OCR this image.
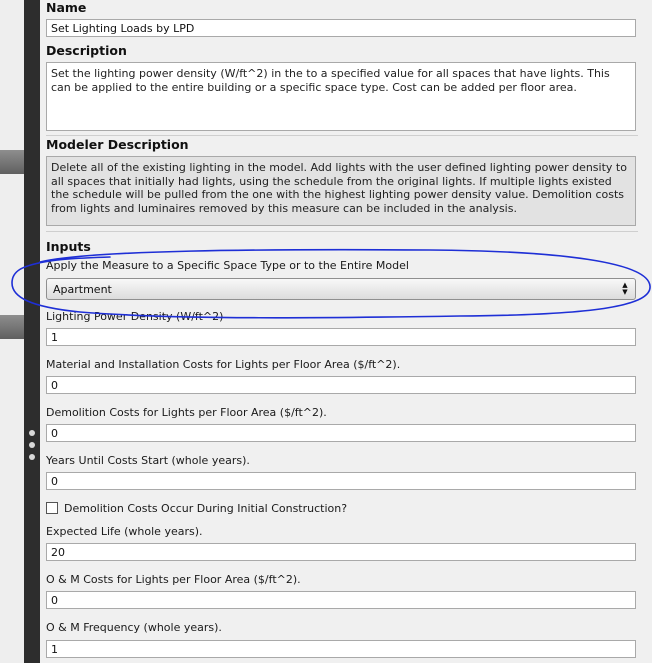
Name
Set Lighting Loads by LPD
Description
Set the lighting power density (W/ft^2) in the to a specified value for all spaces that have lights. This can be applied to the entire building or a specific space type. Cost can be added per floor area.
Modeler Description
Delete all of the existing lighting in the model. Add lights with the user defined lighting power density to all spaces that initially had lights, using the schedule from the original lights. If multiple lights existed the schedule will be pulled from the one with the highest lighting power density value. Demolition costs from lights and luminaires removed by this measure can be included in the analysis.
Inputs
Apply the Measure to a Specific Space Type or to the Entire Model
Apartment	▲
▼
Lighting Power Density (W/ft^2)
1
Material and Installation Costs for Lights per Floor Area ($/ft^2).
0
Demolition Costs for Lights per Floor Area ($/ft^2).
0
Years Until Costs Start (whole years).
0
Demolition Costs Occur During Initial Construction?
Expected Life (whole years).
20
O & M Costs for Lights per Floor Area ($/ft^2).
0
O & M Frequency (whole years).
1
